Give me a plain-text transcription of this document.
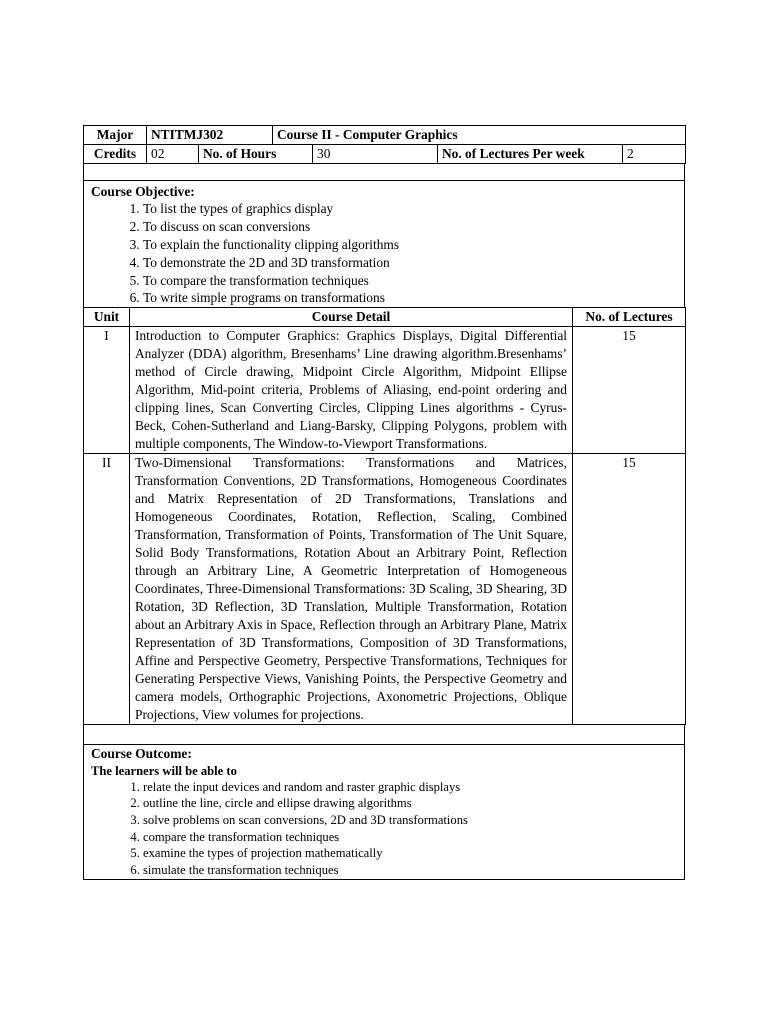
Major	NTITMJ302	Course II - Computer Graphics
Credits	02	No. of Hours	30	No. of Lectures Per week	2

Course Objective:
1. To list the types of graphics display
2. To discuss on scan conversions
3. To explain the functionality clipping algorithms
4. To demonstrate the 2D and 3D transformation
5. To compare the transformation techniques
6. To write simple programs on transformations
Unit	Course Detail	No. of Lectures
I	Introduction to Computer Graphics: Graphics Displays, Digital Differential Analyzer (DDA) algorithm, Bresenhams’ Line drawing algorithm.Bresenhams’ method of Circle drawing, Midpoint Circle Algorithm, Midpoint Ellipse Algorithm, Mid-point criteria, Problems of Aliasing, end-point ordering and clipping lines, Scan Converting Circles, Clipping Lines algorithms - Cyrus-Beck, Cohen-Sutherland and Liang-Barsky, Clipping Polygons, problem with multiple components, The Window-to-Viewport Transformations.	15
II	Two-Dimensional Transformations: Transformations and Matrices, Transformation Conventions, 2D Transformations, Homogeneous Coordinates and Matrix Representation of 2D Transformations, Translations and Homogeneous Coordinates, Rotation, Reflection, Scaling, Combined Transformation, Transformation of Points, Transformation of The Unit Square, Solid Body Transformations, Rotation About an Arbitrary Point, Reflection through an Arbitrary Line, A Geometric Interpretation of Homogeneous Coordinates, Three-Dimensional Transformations: 3D Scaling, 3D Shearing, 3D Rotation, 3D Reflection, 3D Translation, Multiple Transformation, Rotation about an Arbitrary Axis in Space, Reflection through an Arbitrary Plane, Matrix Representation of 3D Transformations, Composition of 3D Transformations, Affine and Perspective Geometry, Perspective Transformations, Techniques for Generating Perspective Views, Vanishing Points, the Perspective Geometry and camera models, Orthographic Projections, Axonometric Projections, Oblique Projections, View volumes for projections.	15

Course Outcome:
The learners will be able to
1. relate the input devices and random and raster graphic displays
2. outline the line, circle and ellipse drawing algorithms
3. solve problems on scan conversions, 2D and 3D transformations
4. compare the transformation techniques
5. examine the types of projection mathematically
6. simulate the transformation techniques
